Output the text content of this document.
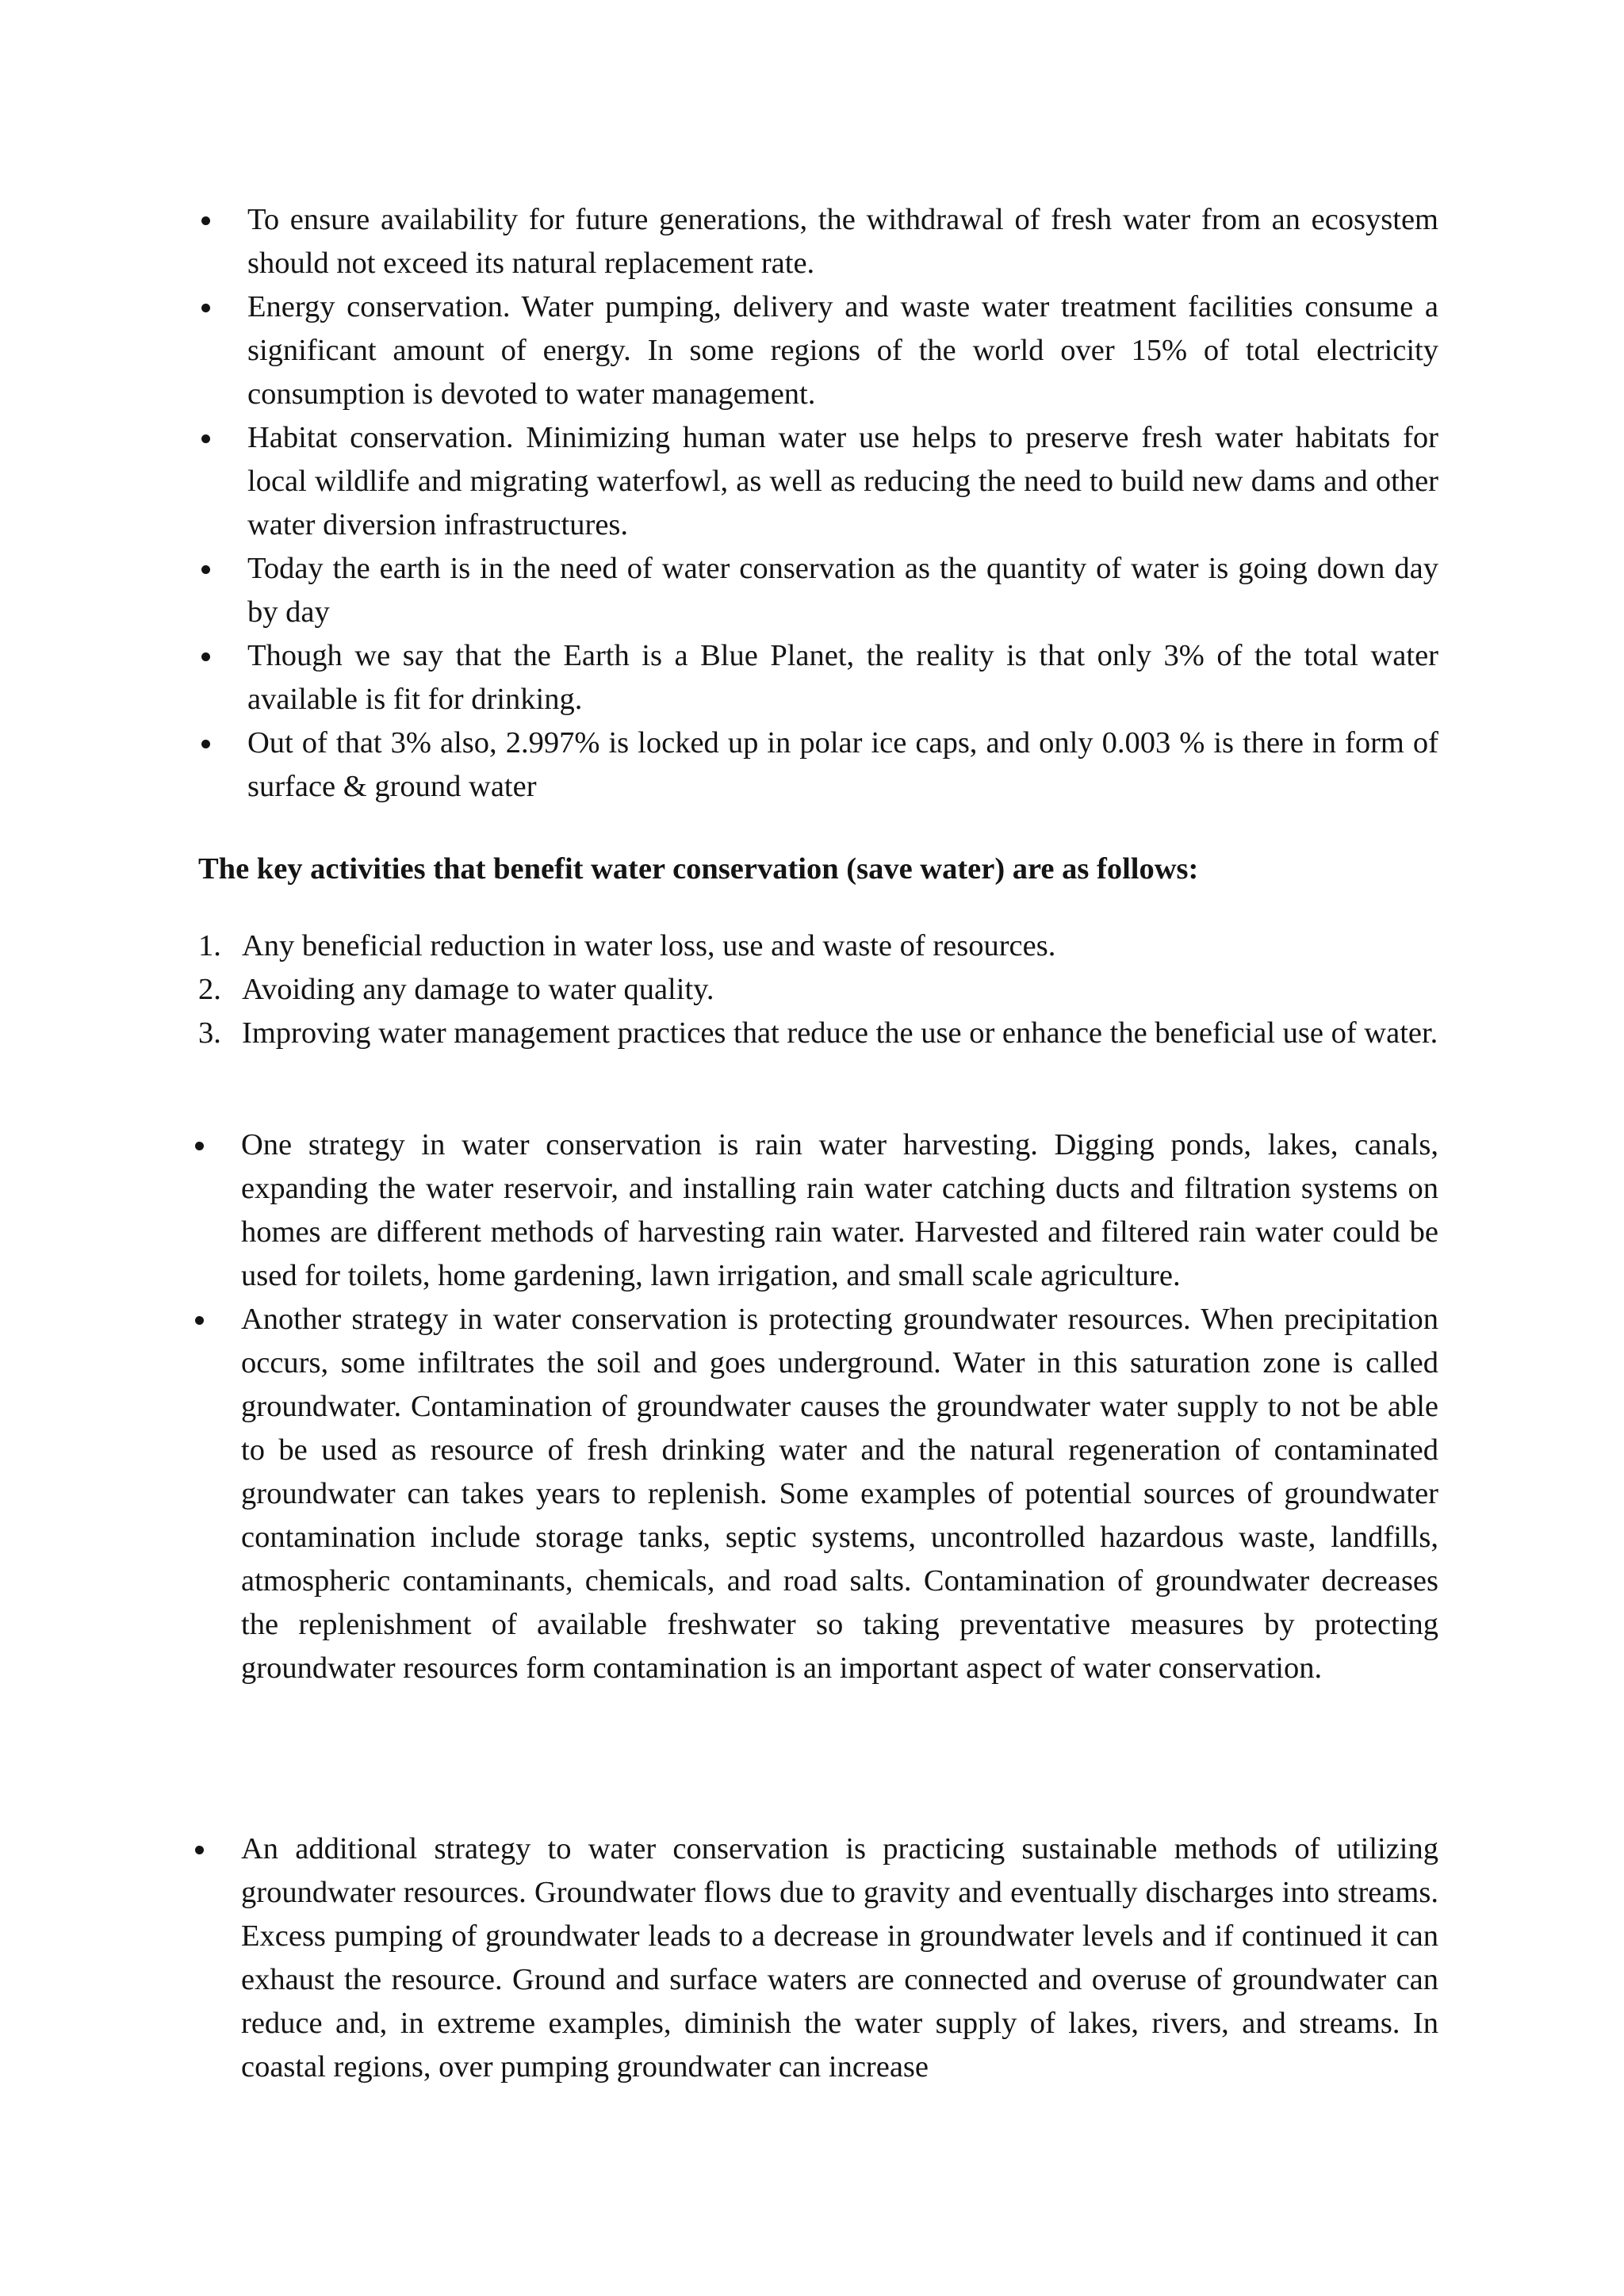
To ensure availability for future generations, the withdrawal of fresh water from an ecosystem should not exceed its natural replacement rate.
Energy conservation. Water pumping, delivery and waste water treatment facilities consume a significant amount of energy. In some regions of the world over 15% of total electricity consumption is devoted to water management.
Habitat conservation. Minimizing human water use helps to preserve fresh water habitats for local wildlife and migrating waterfowl, as well as reducing the need to build new dams and other water diversion infrastructures.
Today the earth is in the need of water conservation as the quantity of water is going down day by day
Though we say that the Earth is a Blue Planet, the reality is that only 3% of the total water available is fit for drinking.
Out of that 3% also, 2.997% is locked up in polar ice caps, and only 0.003 % is there in form of surface & ground water
The key activities that benefit water conservation (save water) are as follows:
1. Any beneficial reduction in water loss, use and waste of resources.
2. Avoiding any damage to water quality.
3. Improving water management practices that reduce the use or enhance the beneficial use of water.
One strategy in water conservation is rain water harvesting. Digging ponds, lakes, canals, expanding the water reservoir, and installing rain water catching ducts and filtration systems on homes are different methods of harvesting rain water. Harvested and filtered rain water could be used for toilets, home gardening, lawn irrigation, and small scale agriculture.
Another strategy in water conservation is protecting groundwater resources. When precipitation occurs, some infiltrates the soil and goes underground. Water in this saturation zone is called groundwater. Contamination of groundwater causes the groundwater water supply to not be able to be used as resource of fresh drinking water and the natural regeneration of contaminated groundwater can takes years to replenish. Some examples of potential sources of groundwater contamination include storage tanks, septic systems, uncontrolled hazardous waste, landfills, atmospheric contaminants, chemicals, and road salts. Contamination of groundwater decreases the replenishment of available freshwater so taking preventative measures by protecting groundwater resources form contamination is an important aspect of water conservation.
An additional strategy to water conservation is practicing sustainable methods of utilizing groundwater resources. Groundwater flows due to gravity and eventually discharges into streams. Excess pumping of groundwater leads to a decrease in groundwater levels and if continued it can exhaust the resource. Ground and surface waters are connected and overuse of groundwater can reduce and, in extreme examples, diminish the water supply of lakes, rivers, and streams. In coastal regions, over pumping groundwater can increase
